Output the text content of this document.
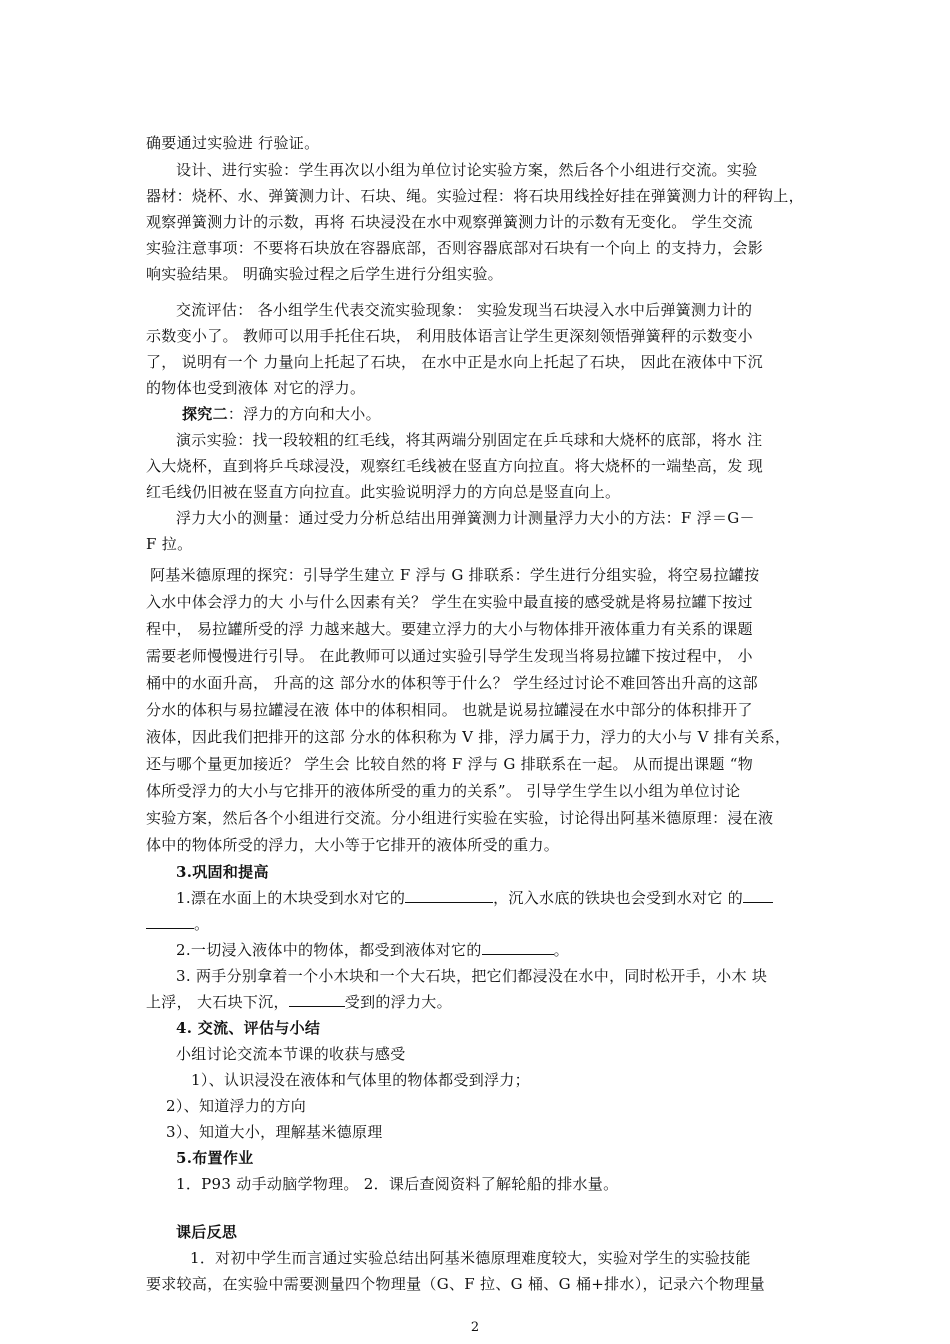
确要通过实验进 行验证。
设计、进行实验：学生再次以小组为单位讨论实验方案，然后各个小组进行交流。实验
器材：烧杯、水、弹簧测力计、石块、绳。实验过程：将石块用线拴好挂在弹簧测力计的秤钩上，
观察弹簧测力计的示数，再将 石块浸没在水中观察弹簧测力计的示数有无变化。 学生交流
实验注意事项：不要将石块放在容器底部，否则容器底部对石块有一个向上 的支持力，会影
响实验结果。 明确实验过程之后学生进行分组实验。
交流评估： 各小组学生代表交流实验现象： 实验发现当石块浸入水中后弹簧测力计的
示数变小了。 教师可以用手托住石块， 利用肢体语言让学生更深刻领悟弹簧秤的示数变小
了， 说明有一个 力量向上托起了石块， 在水中正是水向上托起了石块， 因此在液体中下沉
的物体也受到液体 对它的浮力。
探究二：浮力的方向和大小。
演示实验：找一段较粗的红毛线，将其两端分别固定在乒乓球和大烧杯的底部，将水 注
入大烧杯，直到将乒乓球浸没，观察红毛线被在竖直方向拉直。将大烧杯的一端垫高，发 现
红毛线仍旧被在竖直方向拉直。此实验说明浮力的方向总是竖直向上。
浮力大小的测量：通过受力分析总结出用弹簧测力计测量浮力大小的方法：F 浮＝G－
F 拉。
阿基米德原理的探究：引导学生建立 F 浮与 G 排联系：学生进行分组实验，将空易拉罐按
入水中体会浮力的大 小与什么因素有关？ 学生在实验中最直接的感受就是将易拉罐下按过
程中， 易拉罐所受的浮 力越来越大。要建立浮力的大小与物体排开液体重力有关系的课题
需要老师慢慢进行引导。 在此教师可以通过实验引导学生发现当将易拉罐下按过程中， 小
桶中的水面升高， 升高的这 部分水的体积等于什么？ 学生经过讨论不难回答出升高的这部
分水的体积与易拉罐浸在液 体中的体积相同。 也就是说易拉罐浸在水中部分的体积排开了
液体，因此我们把排开的这部 分水的体积称为 V 排，浮力属于力，浮力的大小与 V 排有关系，
还与哪个量更加接近？ 学生会 比较自然的将 F 浮与 G 排联系在一起。 从而提出课题 “物
体所受浮力的大小与它排开的液体所受的重力的关系”。 引导学生学生以小组为单位讨论
实验方案，然后各个小组进行交流。分小组进行实验在实验，讨论得出阿基米德原理：浸在液
体中的物体所受的浮力，大小等于它排开的液体所受的重力。
3.巩固和提高
1.漂在水面上的木块受到水对它的	，沉入水底的铁块也会受到水对它 的
。
2.一切浸入液体中的物体，都受到液体对它的	。
3. 两手分别拿着一个小木块和一个大石块，把它们都浸没在水中，同时松开手，小木 块
上浮， 大石块下沉，	受到的浮力大。
4. 交流、评估与小结
小组讨论交流本节课的收获与感受
1）、认识浸没在液体和气体里的物体都受到浮力；
2）、知道浮力的方向
3）、知道大小，理解基米德原理
5.布置作业
1．P93 动手动脑学物理。 2．课后查阅资料了解轮船的排水量。
课后反思
1．对初中学生而言通过实验总结出阿基米德原理难度较大，实验对学生的实验技能
要求较高，在实验中需要测量四个物理量（G、F 拉、G 桶、G 桶+排水），记录六个物理量
2
